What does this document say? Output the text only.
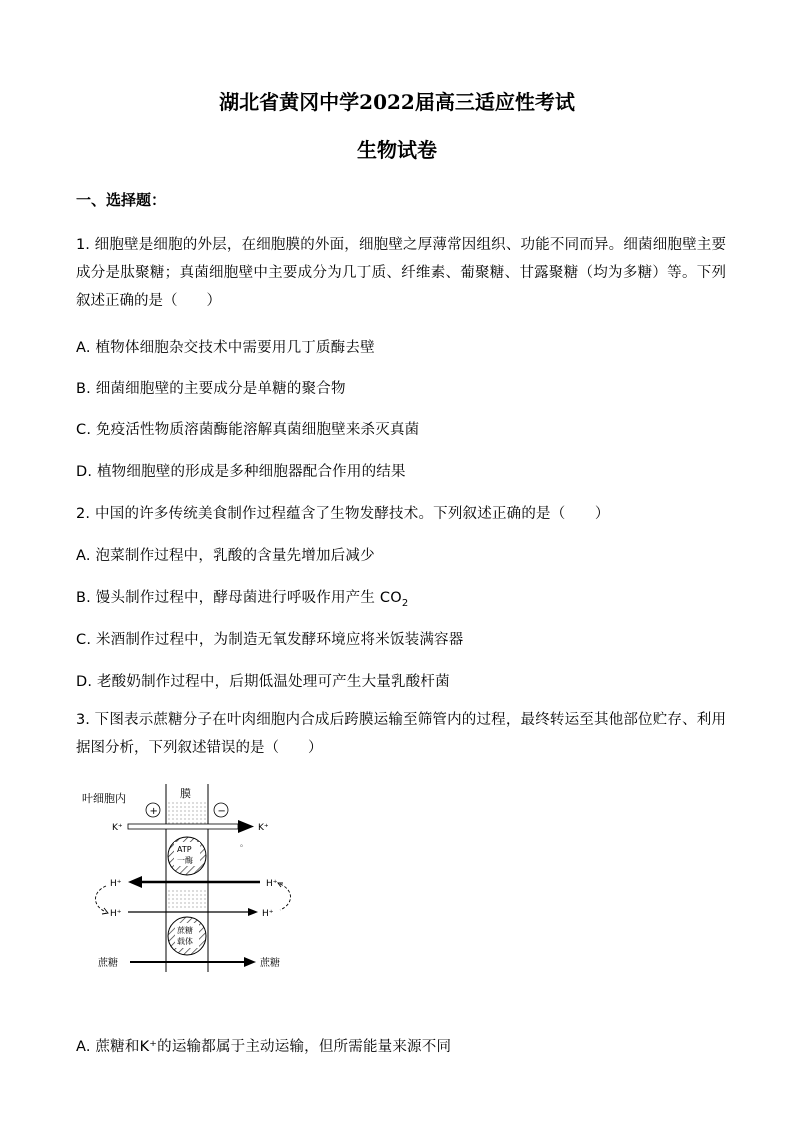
湖北省黄冈中学2022届高三适应性考试
生物试卷
一、选择题：
1. 细胞壁是细胞的外层，在细胞膜的外面，细胞壁之厚薄常因组织、功能不同而异。细菌细胞壁主要成分是肽聚糖；真菌细胞壁中主要成分为几丁质、纤维素、葡聚糖、甘露聚糖（均为多糖）等。下列叙述正确的是（　　）
A. 植物体细胞杂交技术中需要用几丁质酶去壁
B. 细菌细胞壁的主要成分是单糖的聚合物
C. 免疫活性物质溶菌酶能溶解真菌细胞壁来杀灭真菌
D. 植物细胞壁的形成是多种细胞器配合作用的结果
2. 中国的许多传统美食制作过程蕴含了生物发酵技术。下列叙述正确的是（　　）
A. 泡菜制作过程中，乳酸的含量先增加后减少
B. 馒头制作过程中，酵母菌进行呼吸作用产生 $CO_2$
C. 米酒制作过程中，为制造无氧发酵环境应将米饭装满容器
D. 老酸奶制作过程中，后期低温处理可产生大量乳酸杆菌
3. 下图表示蔗糖分子在叶肉细胞内合成后跨膜运输至筛管内的过程，最终转运至其他部位贮存、利用据图分析，下列叙述错误的是（　　）
叶细胞内	膜
+	−
K⁺	K⁺
。
ATP
一酶
H⁺	H⁺
H⁺	H⁺
蔗糖
载体
蔗糖	蔗糖
A. 蔗糖和K⁺的运输都属于主动运输，但所需能量来源不同
